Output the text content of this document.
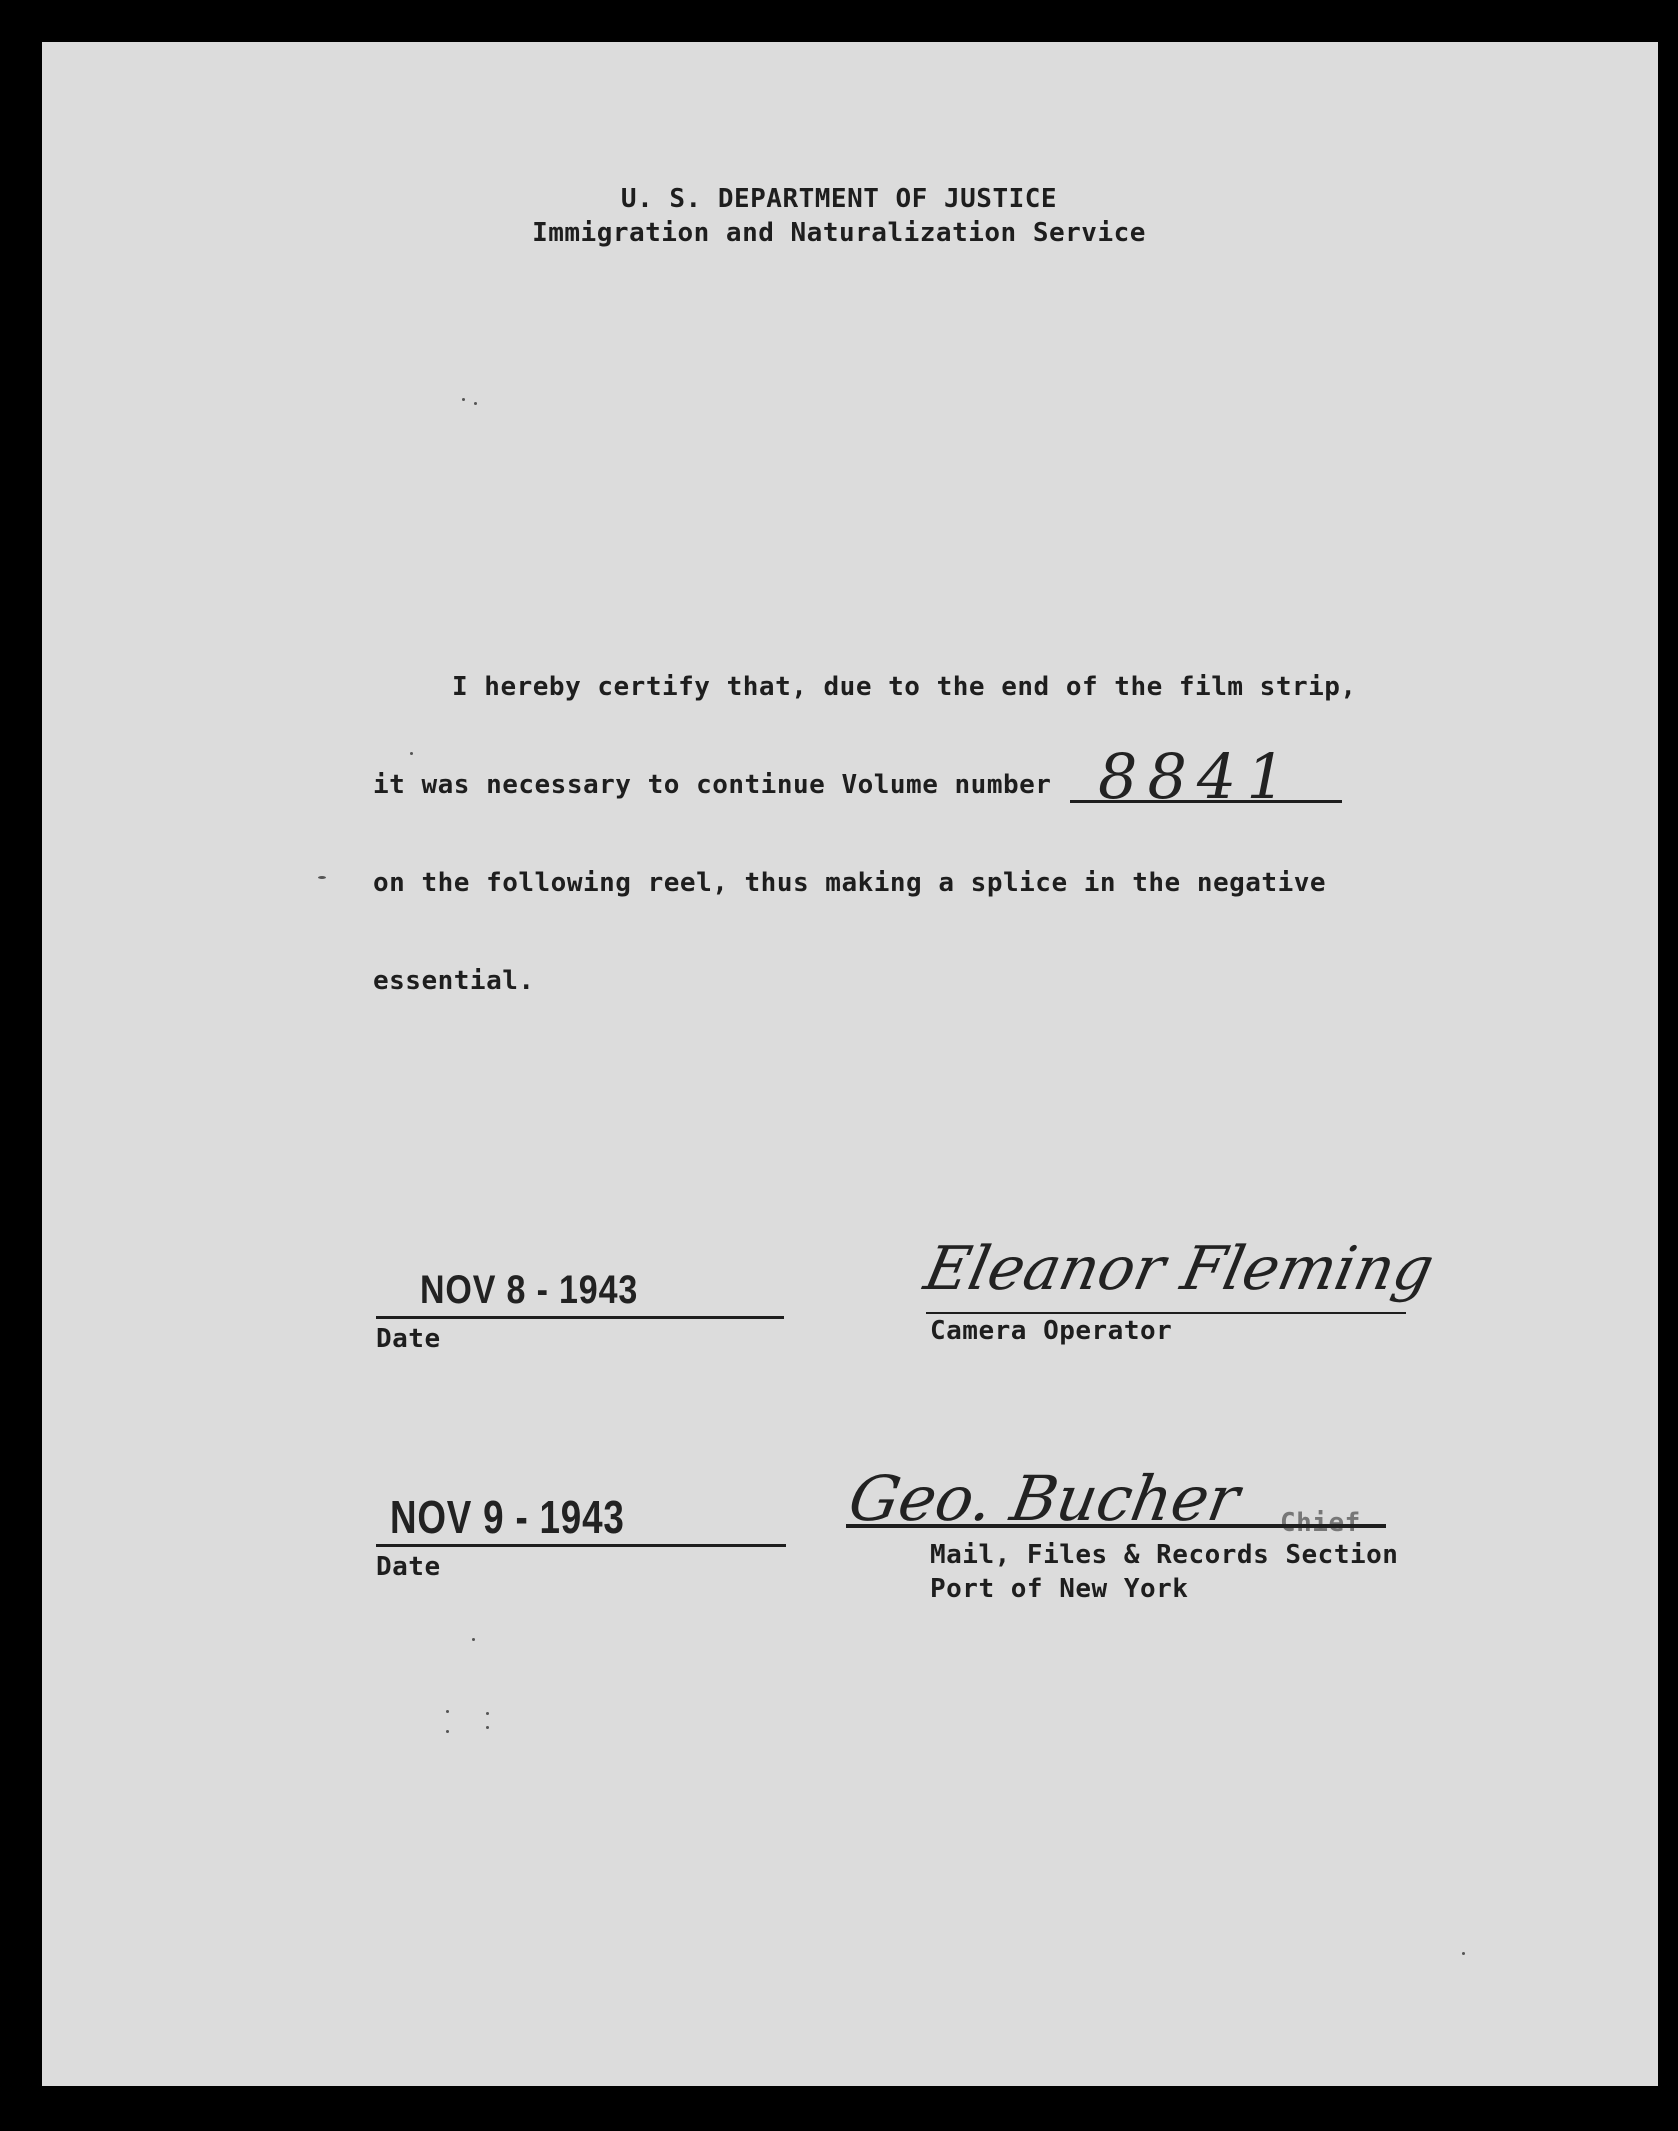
U. S. DEPARTMENT OF JUSTICE
Immigration and Naturalization Service
I hereby certify that, due to the end of the film strip,
it was necessary to continue Volume number 8841
on the following reel, thus making a splice in the negative
essential.
NOV 8 - 1943
Date
Eleanor Fleming
Camera Operator
NOV 9 - 1943
Date
Geo. Bucher Chief
Mail, Files & Records Section
Port of New York
